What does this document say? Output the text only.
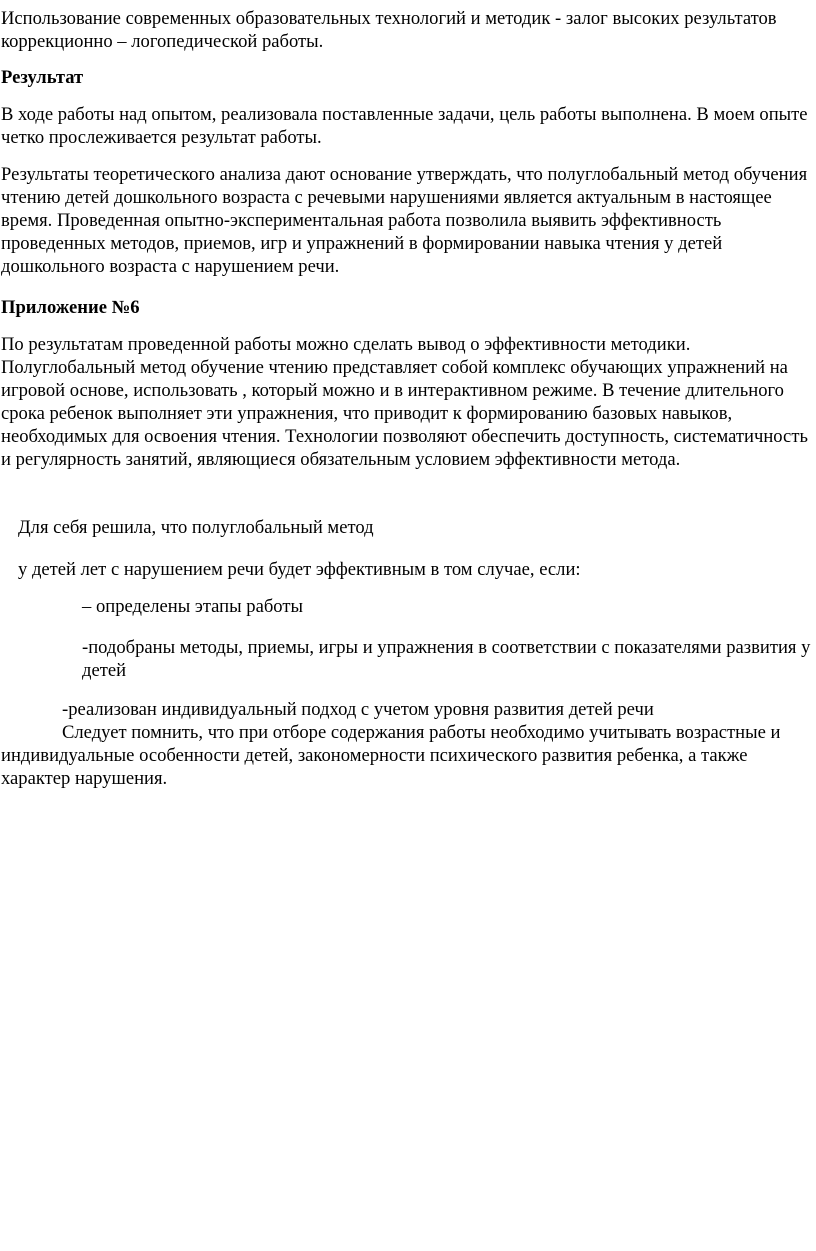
Использование современных образовательных технологий и методик - залог высоких результатов коррекционно – логопедической работы.

Результат

В ходе работы над опытом, реализовала поставленные задачи, цель работы выполнена. В моем опыте четко прослеживается результат работы.

Результаты теоретического анализа дают основание утверждать, что полуглобальный метод обучения чтению детей дошкольного возраста с речевыми нарушениями является актуальным в настоящее время. Проведенная опытно-экспериментальная работа позволила выявить эффективность проведенных методов, приемов, игр и упражнений в формировании навыка чтения у детей дошкольного возраста с нарушением речи.

Приложение №6

По результатам проведенной работы можно сделать вывод о эффективности методики. Полуглобальный метод обучение чтению представляет собой комплекс обучающих упражнений на игровой основе, использовать , который можно и в интерактивном режиме. В течение длительного срока ребенок выполняет эти упражнения, что приводит к формированию базовых навыков, необходимых для освоения чтения. Технологии позволяют обеспечить доступность, систематичность и регулярность занятий, являющиеся обязательным условием эффективности метода.

Для себя решила, что полуглобальный метод

у детей лет с нарушением речи будет эффективным в том случае, если:

– определены этапы работы

-подобраны методы, приемы, игры и упражнения в соответствии с показателями развития у детей

-реализован индивидуальный подход с учетом уровня развития детей речи

Следует помнить, что при отборе содержания работы необходимо учитывать возрастные и индивидуальные особенности детей, закономерности психического развития ребенка, а также характер нарушения.
